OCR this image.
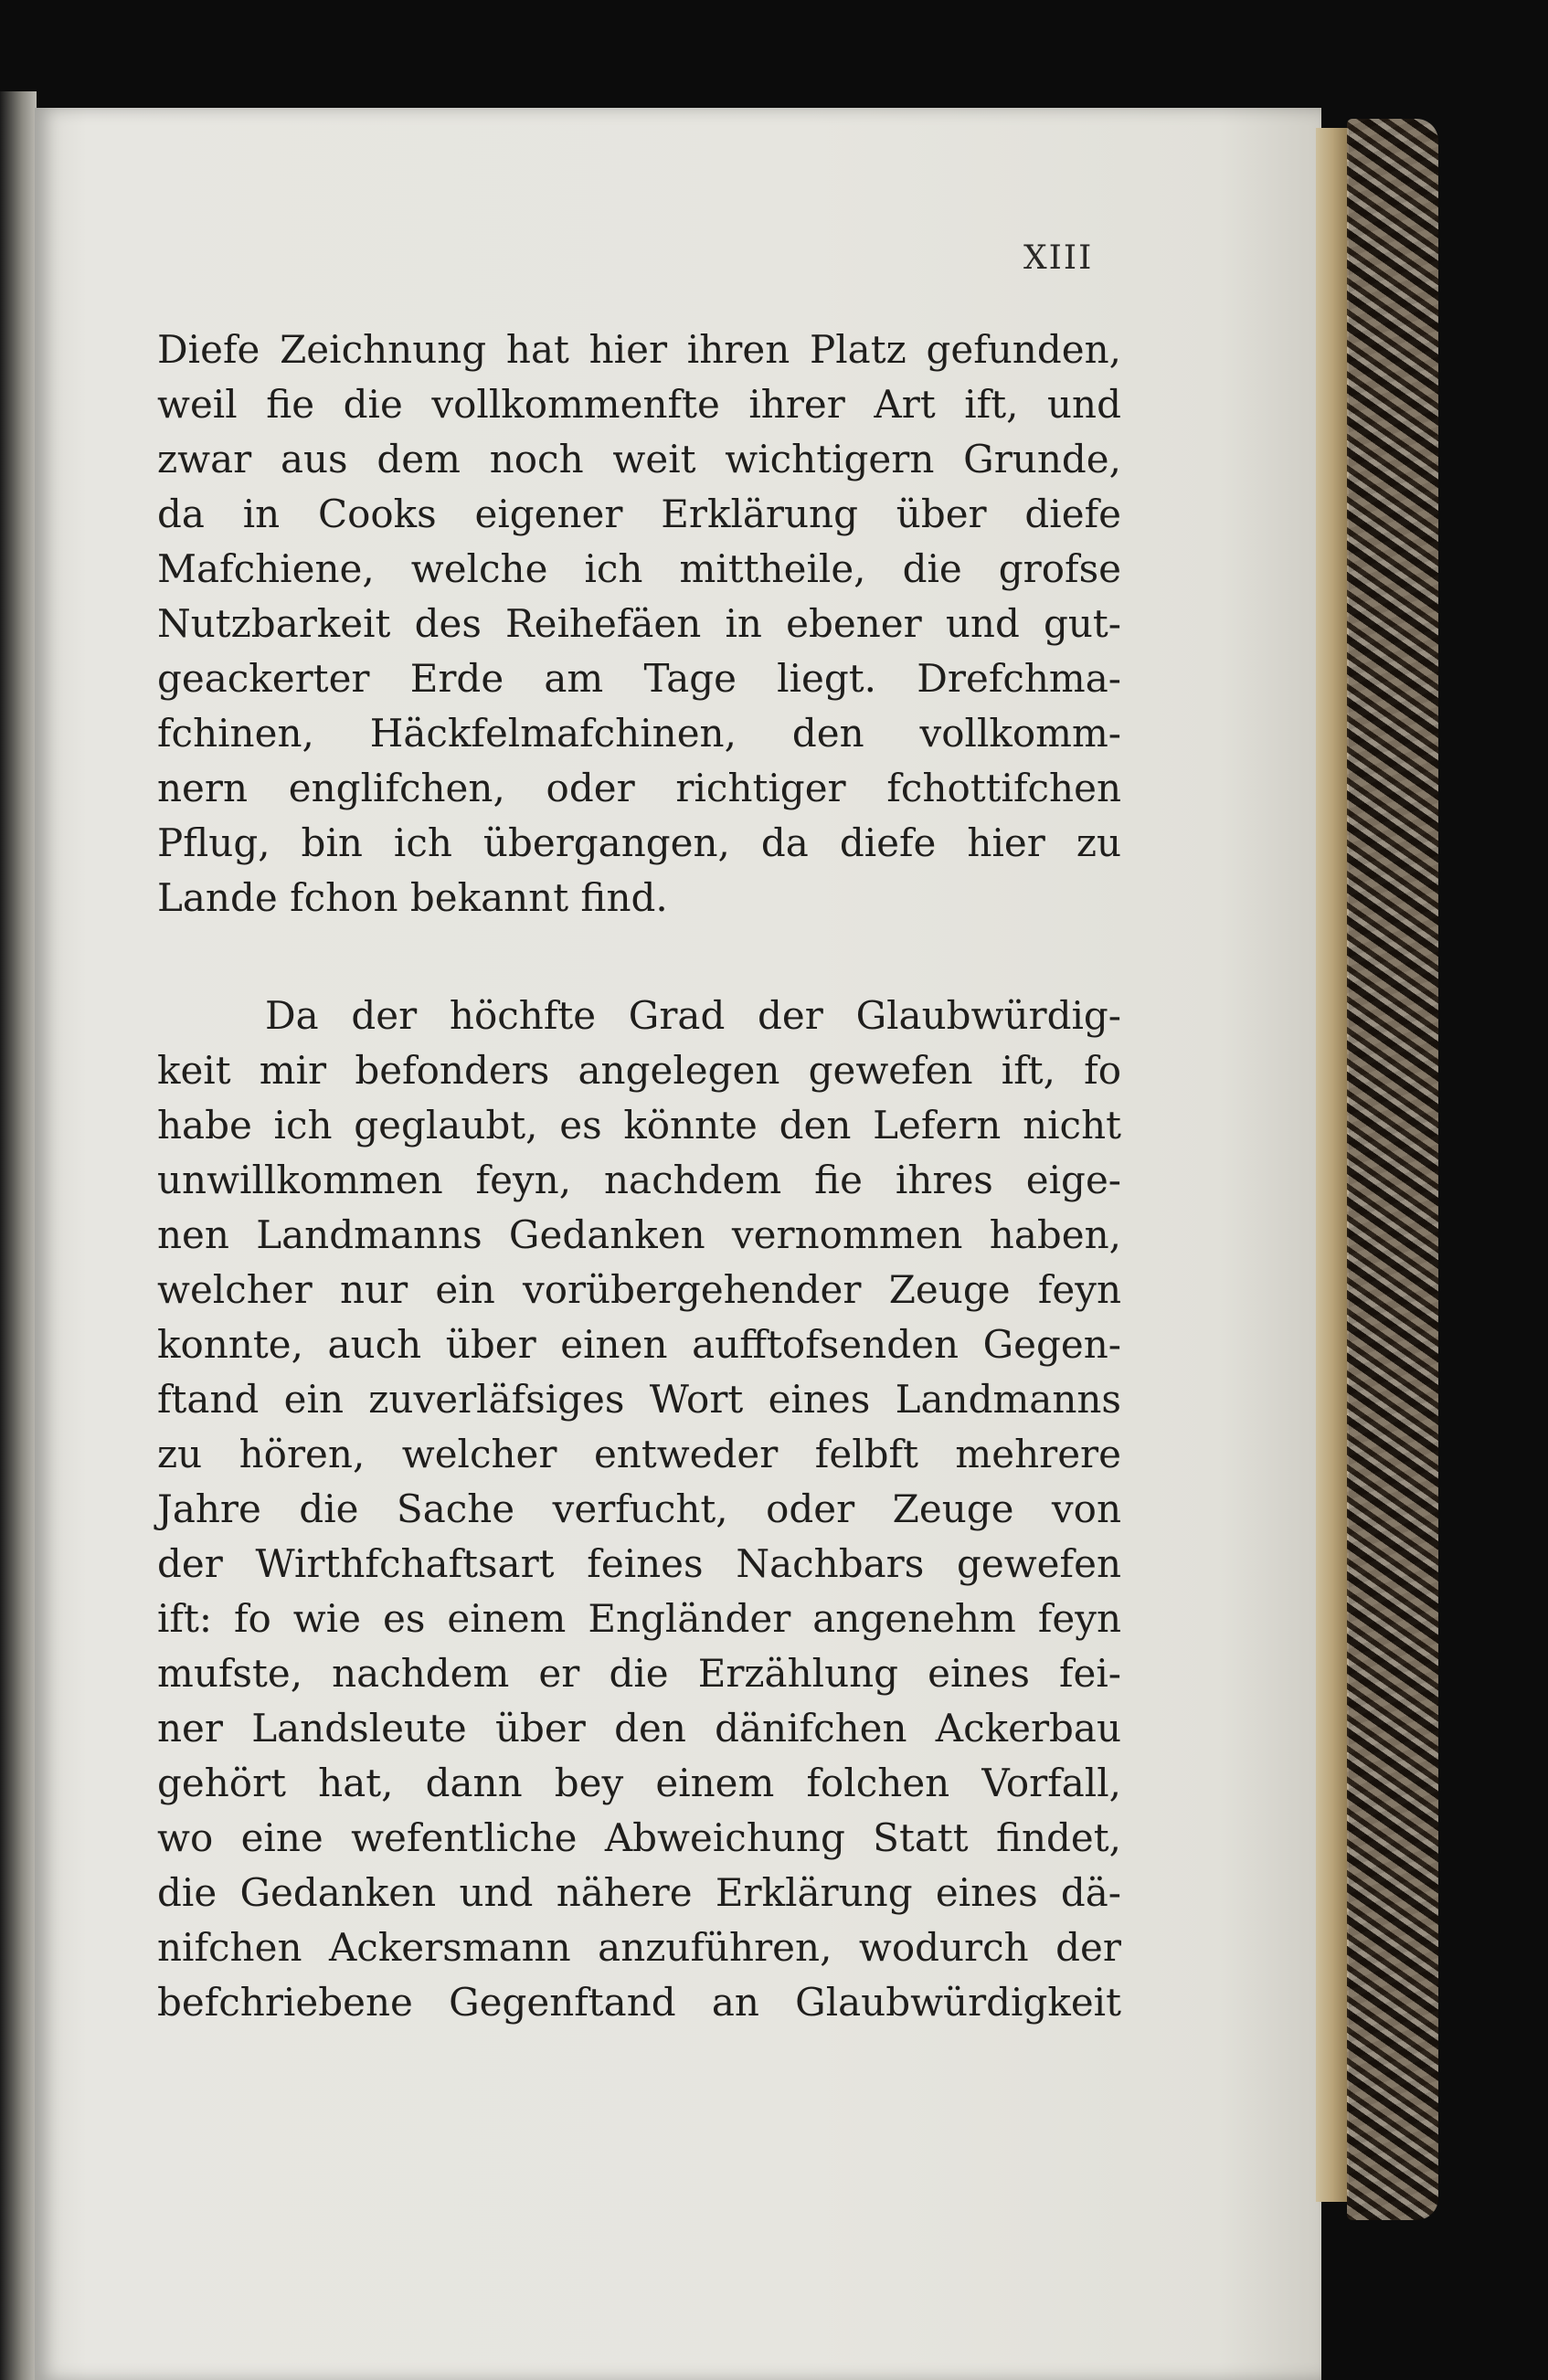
XIII
Diefe Zeichnung hat hier ihren Platz gefunden,
weil fie die vollkommenfte ihrer Art ift, und
zwar aus dem noch weit wichtigern Grunde,
da in Cooks eigener Erklärung über diefe
Mafchiene, welche ich mittheile, die grofse
Nutzbarkeit des Reihefäen in ebener und gut-
geackerter Erde am Tage liegt. Drefchma-
fchinen, Häckfelmafchinen, den vollkomm-
nern englifchen, oder richtiger fchottifchen
Pflug, bin ich übergangen, da diefe hier zu
Lande fchon bekannt find.
Da der höchfte Grad der Glaubwürdig-
keit mir befonders angelegen gewefen ift, fo
habe ich geglaubt, es könnte den Lefern nicht
unwillkommen feyn, nachdem fie ihres eige-
nen Landmanns Gedanken vernommen haben,
welcher nur ein vorübergehender Zeuge feyn
konnte, auch über einen aufftofsenden Gegen-
ftand ein zuverläfsiges Wort eines Landmanns
zu hören, welcher entweder felbft mehrere
Jahre die Sache verfucht, oder Zeuge von
der Wirthfchaftsart feines Nachbars gewefen
ift: fo wie es einem Engländer angenehm feyn
mufste, nachdem er die Erzählung eines fei-
ner Landsleute über den dänifchen Ackerbau
gehört hat, dann bey einem folchen Vorfall,
wo eine wefentliche Abweichung Statt findet,
die Gedanken und nähere Erklärung eines dä-
nifchen Ackersmann anzuführen, wodurch der
befchriebene Gegenftand an Glaubwürdigkeit
